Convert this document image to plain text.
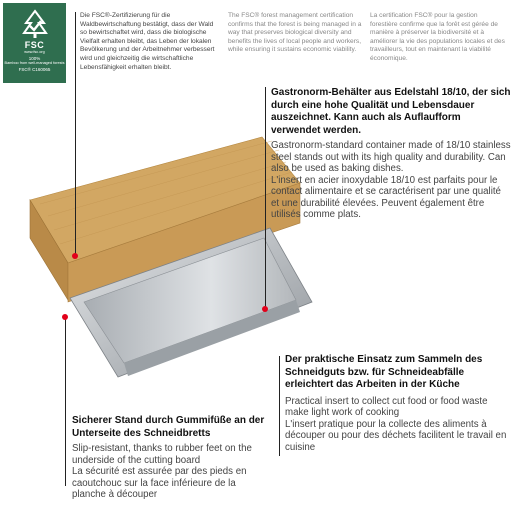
FSC
www.fsc.org
100%
Bamboo from well-managed forests
FSC® C160065
Die FSC®-Zertifizierung für die Waldbewirtschaftung bestätigt, dass der Wald so bewirtschaftet wird, dass die biologische Vielfalt erhalten bleibt, das Leben der lokalen Bevölkerung und der Arbeitnehmer verbessert wird und gleichzeitig die wirtschaftliche Lebensfähigkeit erhalten bleibt.
The FSC® forest management certification confirms that the forest is being managed in a way that preserves biological diversity and benefits the lives of local people and workers, while ensuring it sustains economic viability.
La certification FSC® pour la gestion forestière confirme que la forêt est gérée de manière à préserver la biodiversité et à améliorer la vie des populations locales et des travailleurs, tout en maintenant la viabilité économique.
Gastronorm-Behälter aus Edelstahl 18/10, der sich durch eine hohe Qualität und Lebensdauer auszeichnet. Kann auch als Auflaufform verwendet werden.
Gastronorm-standard container made of 18/10 stainless steel stands out with its high quality and durability. Can also be used as baking dishes.
L'insert en acier inoxydable 18/10 est parfaits pour le contact alimentaire et se caractérisent par une qualité et une durabilité élevées. Peuvent également être utilisés comme plats.
Der praktische Einsatz zum Sammeln des Schneidguts bzw. für Schneideabfälle erleichtert das Arbeiten in der Küche
Practical insert to collect cut food or food waste make light work of cooking
L'insert pratique pour la collecte des aliments à découper ou pour des déchets facilitent le travail en cuisine
Sicherer Stand durch Gummifüße an der Unterseite des Schneidbretts
Slip-resistant, thanks to rubber feet on the underside of the cutting board
La sécurité est assurée par des pieds en caoutchouc sur la face inférieure de la planche à découper
